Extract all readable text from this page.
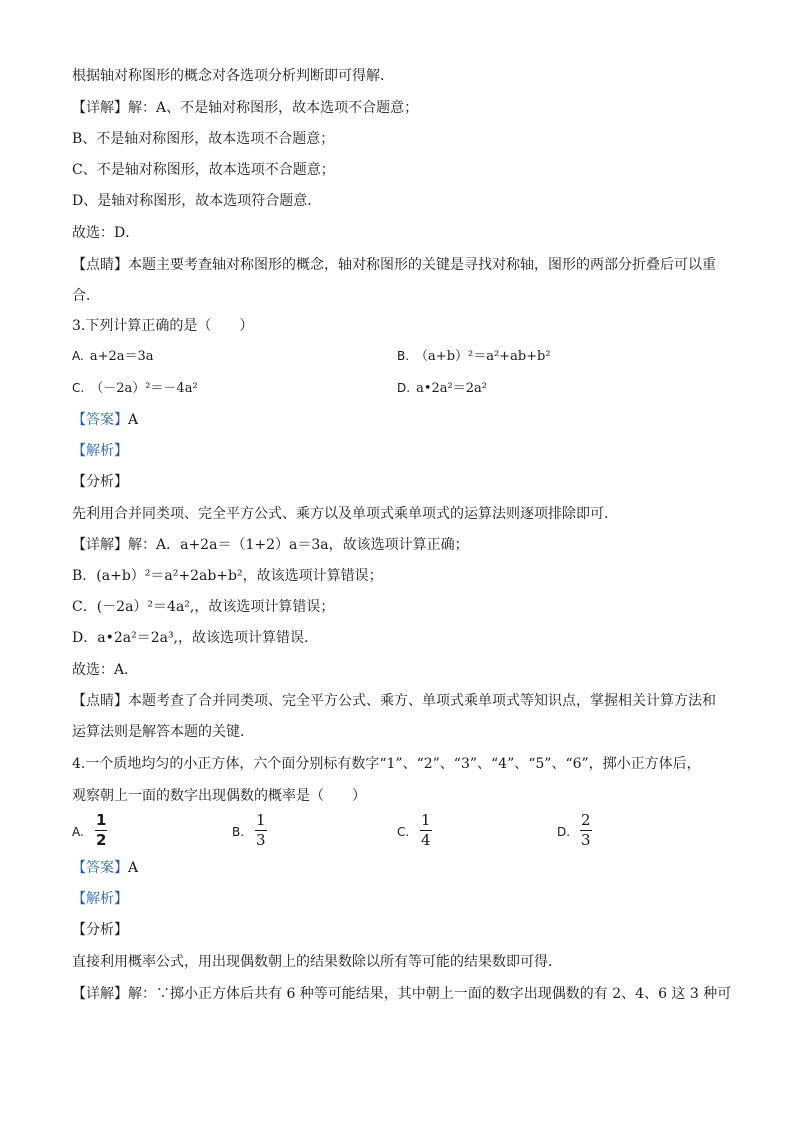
根据轴对称图形的概念对各选项分析判断即可得解．
【详解】解：A、不是轴对称图形，故本选项不合题意；
B、不是轴对称图形，故本选项不合题意；
C、不是轴对称图形，故本选项不合题意；
D、是轴对称图形，故本选项符合题意．
故选：D．
【点睛】本题主要考查轴对称图形的概念，轴对称图形的关键是寻找对称轴，图形的两部分折叠后可以重
合．
3.下列计算正确的是（　　）
A. a+2a＝3a	B. （a+b）²＝a²+ab+b²
C. （－2a）²＝－4a²	D. a•2a²＝2a²
【答案】A
【解析】
【分析】
先利用合并同类项、完全平方公式、乘方以及单项式乘单项式的运算法则逐项排除即可．
【详解】解：A．a+2a＝（1+2）a＝3a，故该选项计算正确；
B．(a+b）²＝a²+2ab+b²，故该选项计算错误；
C．(－2a）²＝4a²,，故该选项计算错误；
D．a•2a²＝2a³,，故该选项计算错误．
故选：A．
【点睛】本题考查了合并同类项、完全平方公式、乘方、单项式乘单项式等知识点，掌握相关计算方法和
运算法则是解答本题的关键．
4.一个质地均匀的小正方体，六个面分别标有数字“1”、“2”、“3”、“4”、“5”、“6”，掷小正方体后，
观察朝上一面的数字出现偶数的概率是（　　）
A.
1
2	B.
1
3	C.
1
4	D.
2
3
【答案】A
【解析】
【分析】
直接利用概率公式，用出现偶数朝上的结果数除以所有等可能的结果数即可得．
【详解】解：∵掷小正方体后共有 6 种等可能结果，其中朝上一面的数字出现偶数的有 2、4、6 这 3 种可
